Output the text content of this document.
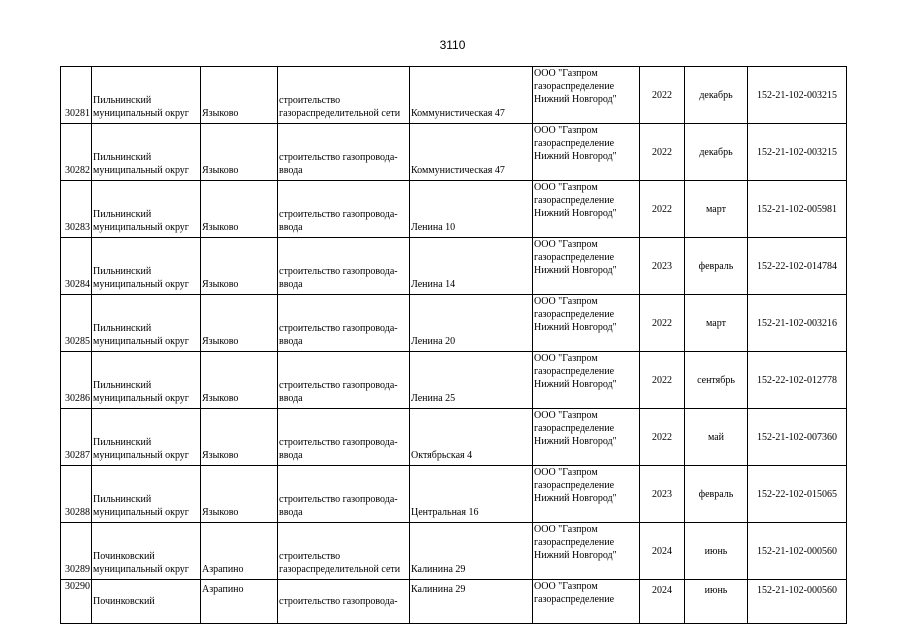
3110
30281	Пильнинский муниципальный округ	Языково	строительство газораспределительной сети	Коммунистическая 47	ООО "Газпром газораспределение Нижний Новгород"	2022	декабрь	152-21-102-003215
30282	Пильнинский муниципальный округ	Языково	строительство газопровода-ввода	Коммунистическая 47	ООО "Газпром газораспределение Нижний Новгород"	2022	декабрь	152-21-102-003215
30283	Пильнинский муниципальный округ	Языково	строительство газопровода-ввода	Ленина 10	ООО "Газпром газораспределение Нижний Новгород"	2022	март	152-21-102-005981
30284	Пильнинский муниципальный округ	Языково	строительство газопровода-ввода	Ленина 14	ООО "Газпром газораспределение Нижний Новгород"	2023	февраль	152-22-102-014784
30285	Пильнинский муниципальный округ	Языково	строительство газопровода-ввода	Ленина 20	ООО "Газпром газораспределение Нижний Новгород"	2022	март	152-21-102-003216
30286	Пильнинский муниципальный округ	Языково	строительство газопровода-ввода	Ленина 25	ООО "Газпром газораспределение Нижний Новгород"	2022	сентябрь	152-22-102-012778
30287	Пильнинский муниципальный округ	Языково	строительство газопровода-ввода	Октябрьская 4	ООО "Газпром газораспределение Нижний Новгород"	2022	май	152-21-102-007360
30288	Пильнинский муниципальный округ	Языково	строительство газопровода-ввода	Центральная 16	ООО "Газпром газораспределение Нижний Новгород"	2023	февраль	152-22-102-015065
30289	Починковский муниципальный округ	Азрапино	строительство газораспределительной сети	Калинина 29	ООО "Газпром газораспределение Нижний Новгород"	2024	июнь	152-21-102-000560
30290	Починковский	Азрапино	строительство газопровода-	Калинина 29	ООО "Газпром газораспределение	2024	июнь	152-21-102-000560
